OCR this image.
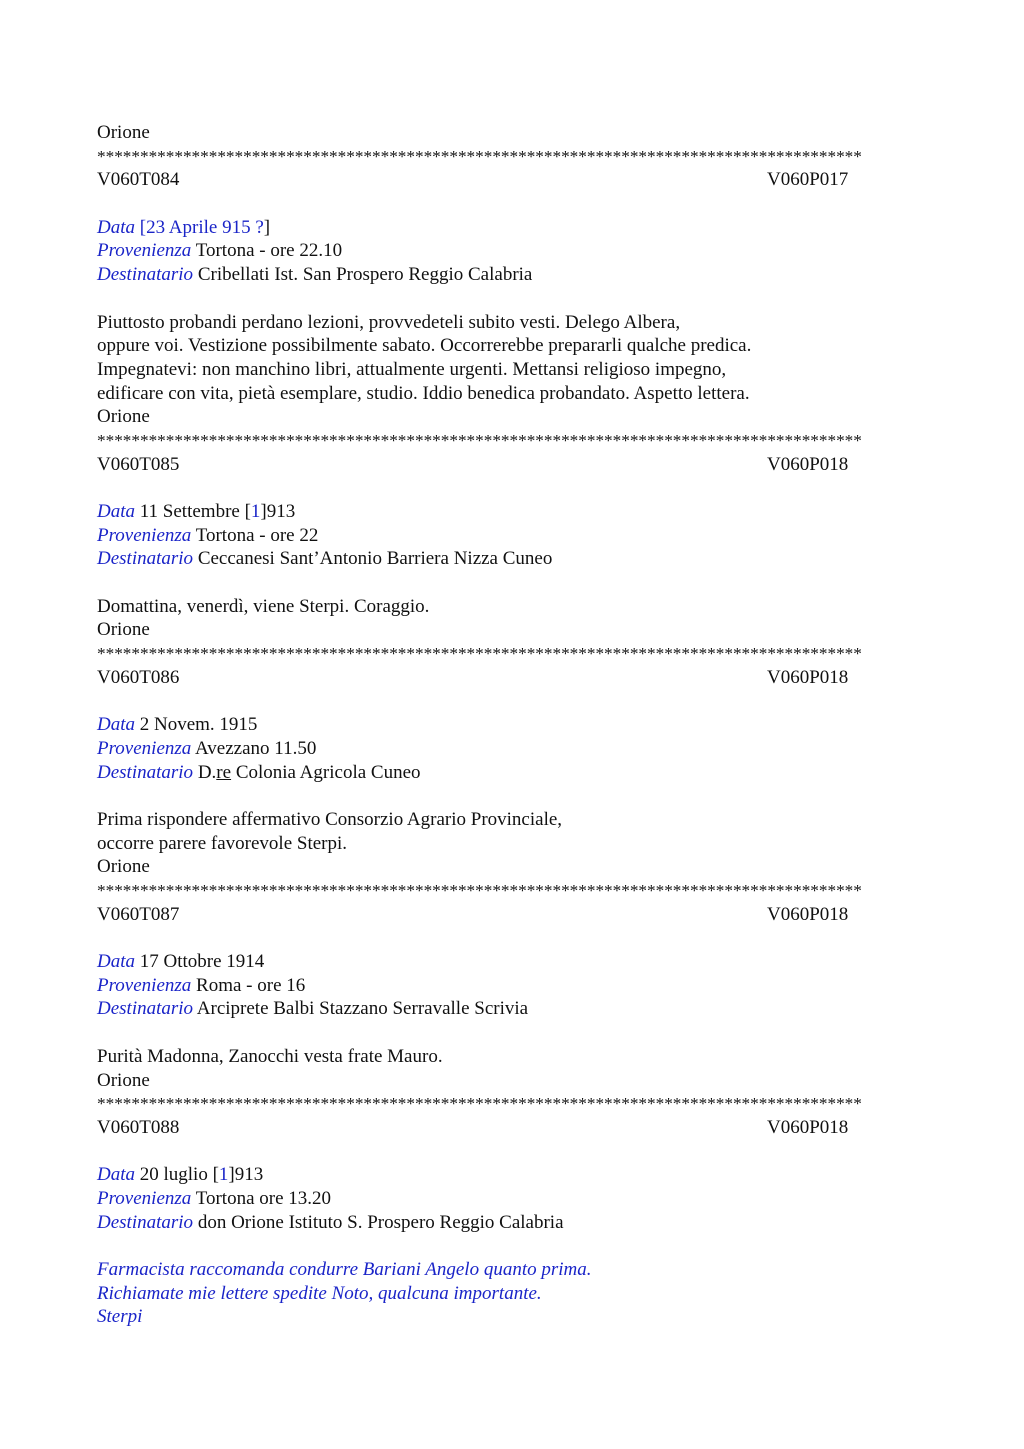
Orione
*****************************************************************************************
V060T084	V060P017
Data [23 Aprile 915 ?]
Provenienza Tortona - ore 22.10
Destinatario Cribellati Ist. San Prospero Reggio Calabria
Piuttosto probandi perdano lezioni, provvedeteli subito vesti. Delego Albera,
oppure voi. Vestizione possibilmente sabato. Occorrerebbe prepararli qualche predica.
Impegnatevi: non manchino libri, attualmente urgenti. Mettansi religioso impegno,
edificare con vita, pietà esemplare, studio. Iddio benedica probandato. Aspetto lettera.
Orione
*****************************************************************************************
V060T085	V060P018
Data 11 Settembre [1]913
Provenienza Tortona - ore 22
Destinatario Ceccanesi Sant’Antonio Barriera Nizza Cuneo
Domattina, venerdì, viene Sterpi. Coraggio.
Orione
*****************************************************************************************
V060T086	V060P018
Data 2 Novem. 1915
Provenienza Avezzano 11.50
Destinatario D.re Colonia Agricola Cuneo
Prima rispondere affermativo Consorzio Agrario Provinciale,
occorre parere favorevole Sterpi.
Orione
*****************************************************************************************
V060T087	V060P018
Data 17 Ottobre 1914
Provenienza Roma - ore 16
Destinatario Arciprete Balbi Stazzano Serravalle Scrivia
Purità Madonna, Zanocchi vesta frate Mauro.
Orione
*****************************************************************************************
V060T088	V060P018
Data 20 luglio [1]913
Provenienza Tortona ore 13.20
Destinatario don Orione Istituto S. Prospero Reggio Calabria
Farmacista raccomanda condurre Bariani Angelo quanto prima.
Richiamate mie lettere spedite Noto, qualcuna importante.
Sterpi
